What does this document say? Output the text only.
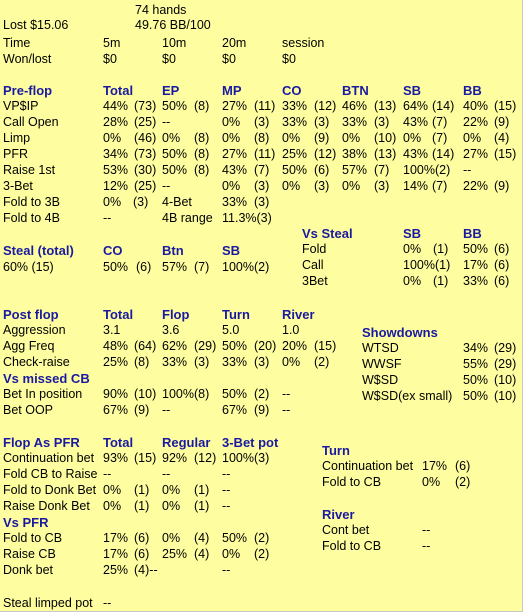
74 hands
Lost $15.06	49.76 BB/100
Time	5m	10m	20m	session
Won/lost	$0	$0	$0	$0
Pre-flop	Total EP	MP	CO	BTN	SB	BB
VP$IP	44% (73) 50% (8) 27% (11) 33% (12) 46% (13) 64% (14) 40% (15)
Call Open	28% (25) --	0% (3) 33% (3) 33% (3) 43% (7) 22% (9)
Limp	0% (46) 0% (8) 0% (8) 0% (9) 0% (10) 0% (7) 0% (4)
PFR	34% (73) 50% (8) 27% (11) 25% (12) 38% (13) 43% (14) 27% (15)
Raise 1st	53% (30) 50% (8) 43% (7) 50% (6) 57% (7) 100%(2) --
3-Bet	12% (25) --	0% (3) 0% (3) 0% (3) 14% (7) 22% (9)
Fold to 3B	0% (3) 4-Bet 33% (3)
Fold to 4B	--	4B range 11.3%(3)
Vs Steal	SB	BB
Fold	0% (1) 50% (6)
Call	100%(1) 17% (6)
3Bet	0% (1) 33% (6)
Steal (total) CO	Btn	SB
60% (15)	50% (6) 57% (7) 100%(2)
Post flop	Total Flop	Turn River
Aggression	3.1	3.6	5.0	1.0
Agg Freq	48% (64) 62% (29) 50% (20) 20% (15)
Check-raise	25% (8) 33% (3) 33% (3) 0% (2)
Vs missed CB
Bet In position 90% (10) 100%(8) 50% (2) --
Bet OOP	67% (9) --	67% (9) --
Showdowns
WTSD	34% (29)
WWSF	55% (29)
W$SD	50% (10)
W$SD(ex small) 50% (10)
Flop As PFR Total Regular 3-Bet pot
Continuation bet 93% (15) 92% (12) 100%(3)
Fold CB to Raise --	--	--
Fold to Donk Bet 0% (1) 0% (1) --
Raise Donk Bet 0% (1) 0% (1) --
Vs PFR
Fold to CB	17% (6) 0% (4) 50% (2)
Raise CB	17% (6) 25% (4) 0% (2)
Donk bet	25% (4)--	--
Turn
Continuation bet 17% (6)
Fold to CB	0% (2)
River
Cont bet	--
Fold to CB	--
Steal limped pot --
